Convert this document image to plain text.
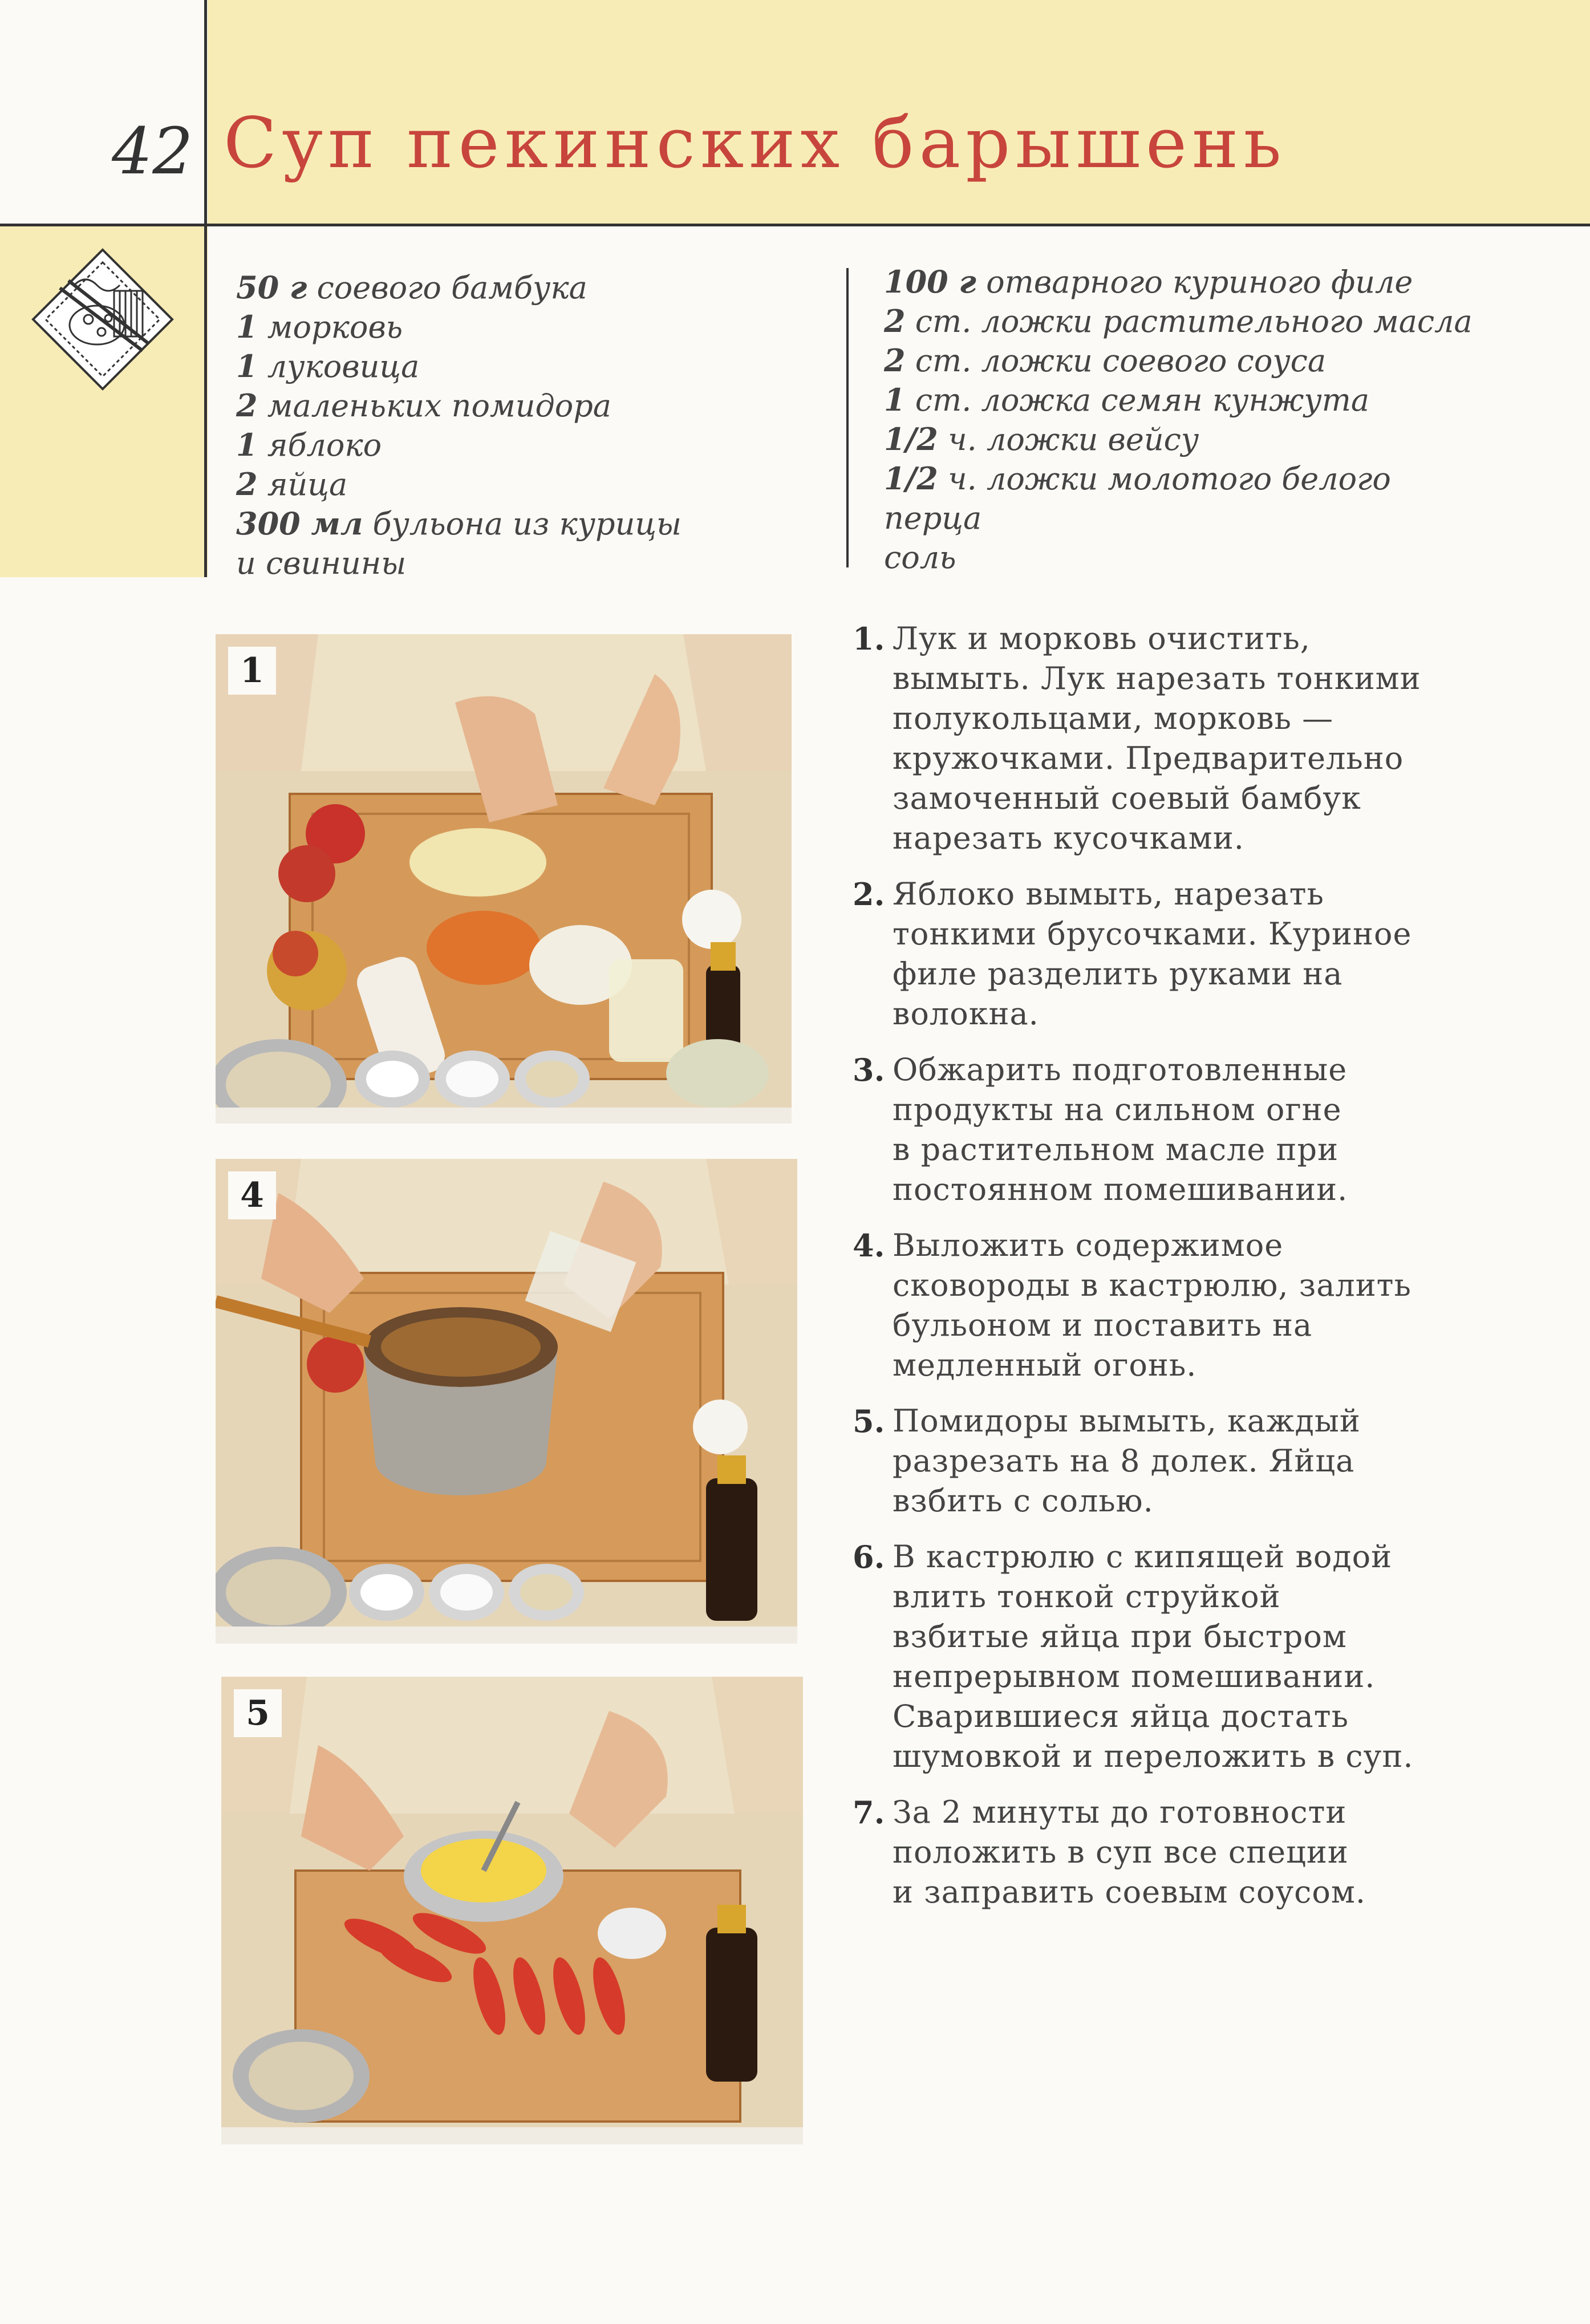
42 Суп пекинских барышень
50 г соевого бамбука
1 морковь
1 луковица
2 маленьких помидора
1 яблоко
2 яйца
300 мл бульона из курицы
и свинины
100 г отварного куриного филе
2 ст. ложки растительного масла
2 ст. ложки соевого соуса
1 ст. ложка семян кунжута
1/2 ч. ложки вейсу
1/2 ч. ложки молотого белого
перца
соль
1
4
5
1. Лук и морковь очистить,
вымыть. Лук нарезать тонкими
полукольцами, морковь —
кружочками. Предварительно
замоченный соевый бамбук
нарезать кусочками.
2. Яблоко вымыть, нарезать
тонкими брусочками. Куриное
филе разделить руками на
волокна.
3. Обжарить подготовленные
продукты на сильном огне
в растительном масле при
постоянном помешивании.
4. Выложить содержимое
сковороды в кастрюлю, залить
бульоном и поставить на
медленный огонь.
5. Помидоры вымыть, каждый
разрезать на 8 долек. Яйца
взбить с солью.
6. В кастрюлю с кипящей водой
влить тонкой струйкой
взбитые яйца при быстром
непрерывном помешивании.
Сварившиеся яйца достать
шумовкой и переложить в суп.
7. За 2 минуты до готовности
положить в суп все специи
и заправить соевым соусом.
